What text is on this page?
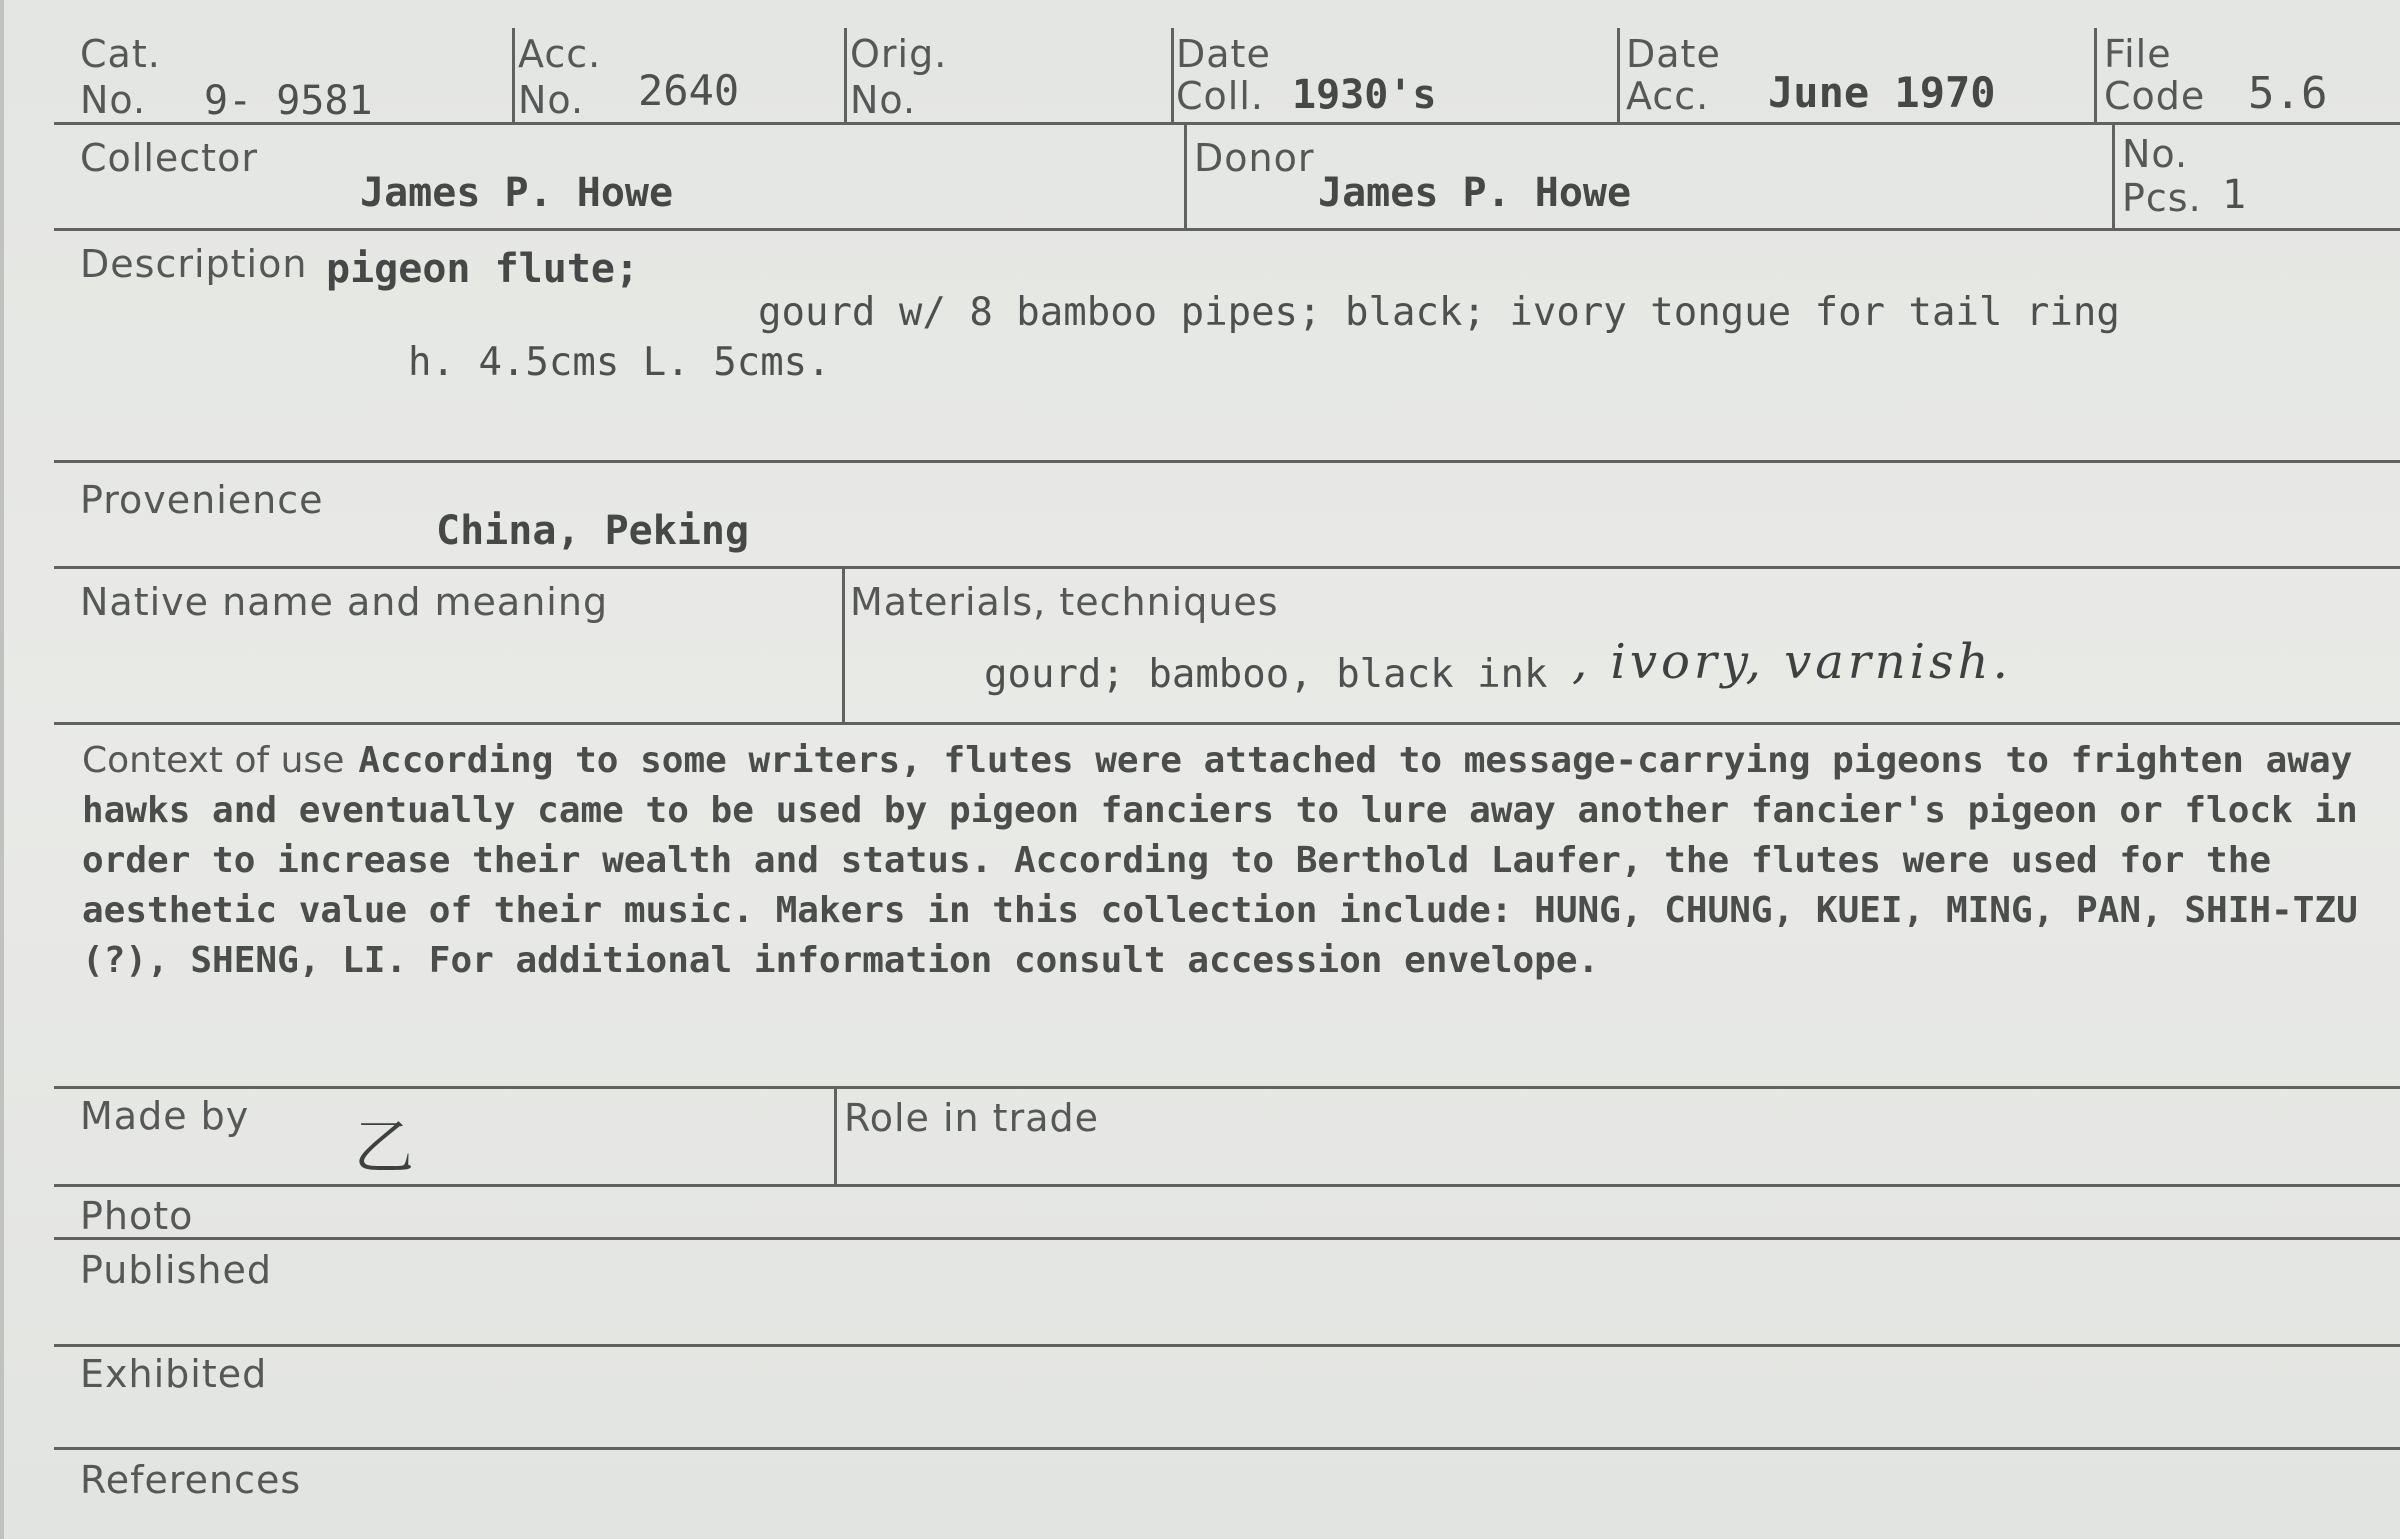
Cat.
No. 9- 9581
Acc.
No. 2640
Orig.
No.
Date
Coll. 1930's
Date
Acc. June 1970
File
Code 5.6
Collector
James P. Howe
Donor
James P. Howe
No.
Pcs. 1
Description pigeon flute;
gourd w/ 8 bamboo pipes; black; ivory tongue for tail ring
h. 4.5cms L. 5cms.
Provenience
China, Peking
Native name and meaning	Materials, techniques
gourd; bamboo, black ink , ivory, varnish.
Context of use According to some writers, flutes were attached to message-carrying pigeons to frighten away hawks and eventually came to be used by pigeon fanciers to lure away another fancier's pigeon or flock in order to increase their wealth and status. According to Berthold Laufer, the flutes were used for the aesthetic value of their music. Makers in this collection include: HUNG, CHUNG, KUEI, MING, PAN, SHIH-TZU (?), SHENG, LI. For additional information consult accession envelope.
Made by 乙	Role in trade
Photo
Published
Exhibited
References
